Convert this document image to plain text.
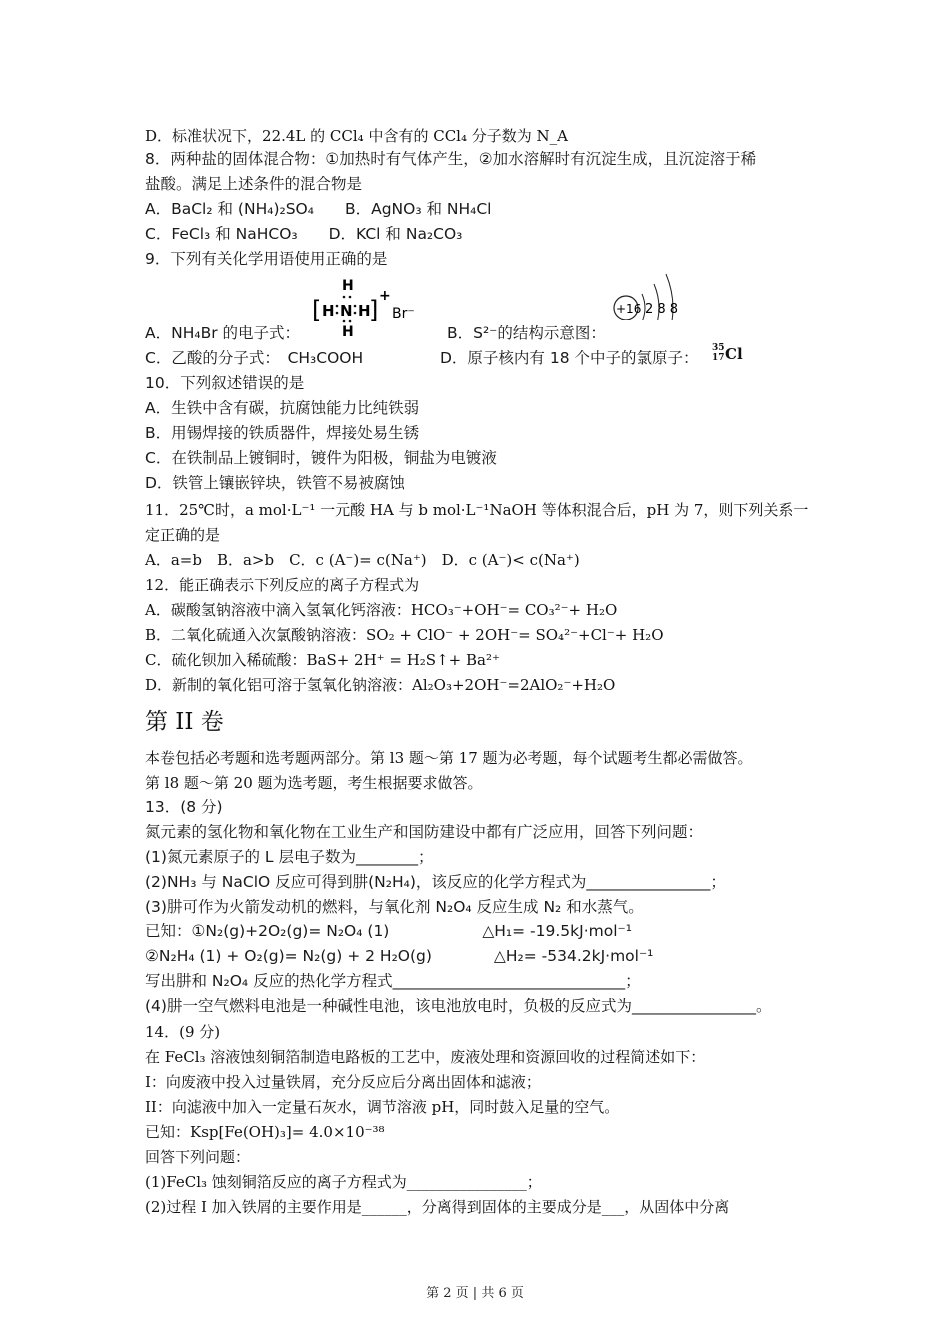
D．标准状况下，22.4L 的 CCl₄ 中含有的 CCl₄ 分子数为 N_A
8．两种盐的固体混合物：①加热时有气体产生，②加水溶解时有沉淀生成，且沉淀溶于稀
盐酸。满足上述条件的混合物是
A．BaCl₂ 和 (NH₄)₂SO₄　　B．AgNO₃ 和 NH₄Cl
C．FeCl₃ 和 NaHCO₃　　D．KCl 和 Na₂CO₃
9．下列有关化学用语使用正确的是
[ H N H
H
H
] +
Br⁻	+16 2 8 8
A．NH₄Br 的电子式：	B．S²⁻的结构示意图：
C．乙酸的分子式：　CH₃COOH	D．原子核内有 18 个中子的氯原子：
35
17 Cl
10．下列叙述错误的是
A．生铁中含有碳，抗腐蚀能力比纯铁弱
B．用锡焊接的铁质器件，焊接处易生锈
C．在铁制品上镀铜时，镀件为阳极，铜盐为电镀液
D．铁管上镶嵌锌块，铁管不易被腐蚀
11．25℃时，a mol·L⁻¹ 一元酸 HA 与 b mol·L⁻¹NaOH 等体积混合后，pH 为 7，则下列关系一
定正确的是
A．a=b　B．a>b　C．c (A⁻)= c(Na⁺)　D．c (A⁻)< c(Na⁺)
12．能正确表示下列反应的离子方程式为
A．碳酸氢钠溶液中滴入氢氧化钙溶液：HCO₃⁻+OH⁻= CO₃²⁻+ H₂O
B．二氧化硫通入次氯酸钠溶液：SO₂ + ClO⁻ + 2OH⁻= SO₄²⁻+Cl⁻+ H₂O
C．硫化钡加入稀硫酸：BaS+ 2H⁺ = H₂S↑+ Ba²⁺
D．新制的氧化铝可溶于氢氧化钠溶液：Al₂O₃+2OH⁻=2AlO₂⁻+H₂O
第 II 卷
本卷包括必考题和选考题两部分。第 l3 题～第 17 题为必考题，每个试题考生都必需做答。
第 l8 题～第 20 题为选考题，考生根据要求做答。
13．(8 分)
氮元素的氢化物和氧化物在工业生产和国防建设中都有广泛应用，回答下列问题：
(1)氮元素原子的 L 层电子数为________；
(2)NH₃ 与 NaClO 反应可得到肼(N₂H₄)，该反应的化学方程式为________________；
(3)肼可作为火箭发动机的燃料，与氧化剂 N₂O₄ 反应生成 N₂ 和水蒸气。
已知：①N₂(g)+2O₂(g)= N₂O₄ (1)　　　　　　△H₁= -19.5kJ·mol⁻¹
②N₂H₄ (1) + O₂(g)= N₂(g) + 2 H₂O(g)　　　　△H₂= -534.2kJ·mol⁻¹
写出肼和 N₂O₄ 反应的热化学方程式______________________________；
(4)肼一空气燃料电池是一种碱性电池，该电池放电时，负极的反应式为________________。
14．(9 分)
在 FeCl₃ 溶液蚀刻铜箔制造电路板的工艺中，废液处理和资源回收的过程简述如下：
I：向废液中投入过量铁屑，充分反应后分离出固体和滤液；
II：向滤液中加入一定量石灰水，调节溶液 pH，同时鼓入足量的空气。
已知：Ksp[Fe(OH)₃]= 4.0×10⁻³⁸
回答下列问题：
(1)FeCl₃ 蚀刻铜箔反应的离子方程式为________________；
(2)过程 I 加入铁屑的主要作用是______，分离得到固体的主要成分是___，从固体中分离
第 2 页 | 共 6 页
